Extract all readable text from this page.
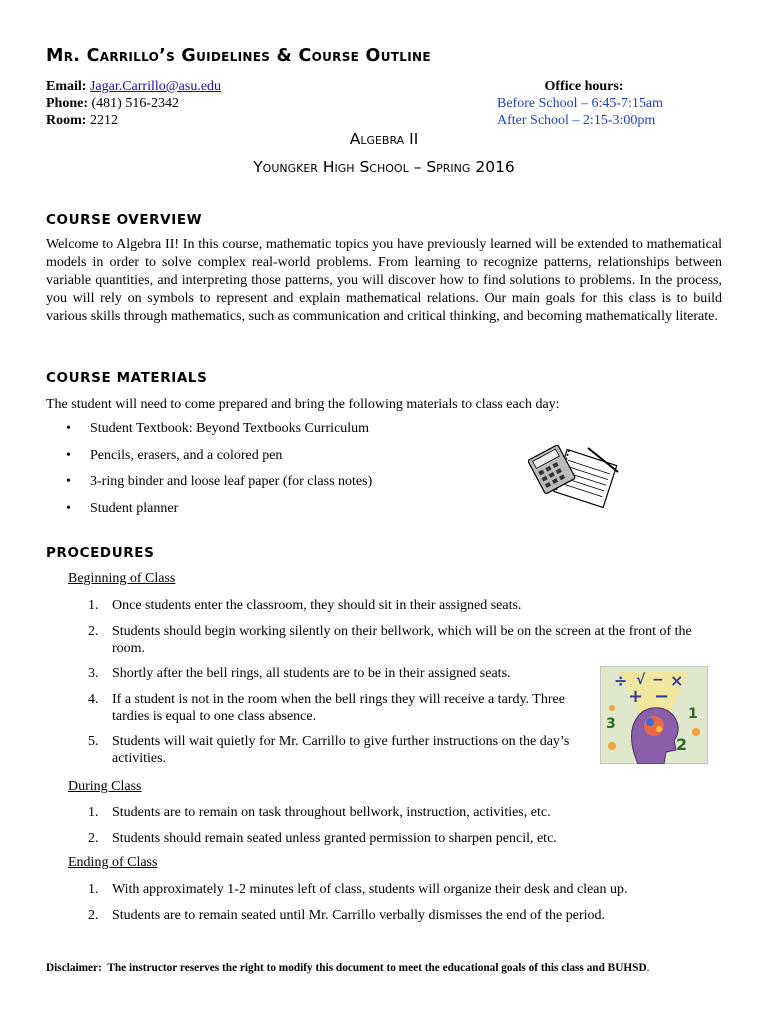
Mr. Carrillo’s Guidelines & Course Outline
Email: Jagar.Carrillo@asu.edu
Phone: (481) 516-2342
Room: 2212
Office hours:
Before School – 6:45-7:15am
After School – 2:15-3:00pm
Algebra II
Youngker High School – Spring 2016
COURSE OVERVIEW
Welcome to Algebra II! In this course, mathematic topics you have previously learned will be extended to mathematical models in order to solve complex real-world problems. From learning to recognize patterns, relationships between variable quantities, and interpreting those patterns, you will discover how to find solutions to problems. In the process, you will rely on symbols to represent and explain mathematical relations. Our main goals for this class is to build various skills through mathematics, such as communication and critical thinking, and becoming mathematically literate.
COURSE MATERIALS
The student will need to come prepared and bring the following materials to class each day:
• Student Textbook: Beyond Textbooks Curriculum
• Pencils, erasers, and a colored pen
• 3-ring binder and loose leaf paper (for class notes)
• Student planner
PROCEDURES
Beginning of Class
1. Once students enter the classroom, they should sit in their assigned seats.
2. Students should begin working silently on their bellwork, which will be on the screen at the front of the room.
3. Shortly after the bell rings, all students are to be in their assigned seats.
4. If a student is not in the room when the bell rings they will receive a tardy. Three tardies is equal to one class absence.
5. Students will wait quietly for Mr. Carrillo to give further instructions on the day’s activities.
÷ √ − ×
+ −
3
1
2
During Class
1. Students are to remain on task throughout bellwork, instruction, activities, etc.
2. Students should remain seated unless granted permission to sharpen pencil, etc.
Ending of Class
1. With approximately 1-2 minutes left of class, students will organize their desk and clean up.
2. Students are to remain seated until Mr. Carrillo verbally dismisses the end of the period.
Disclaimer: The instructor reserves the right to modify this document to meet the educational goals of this class and BUHSD.
